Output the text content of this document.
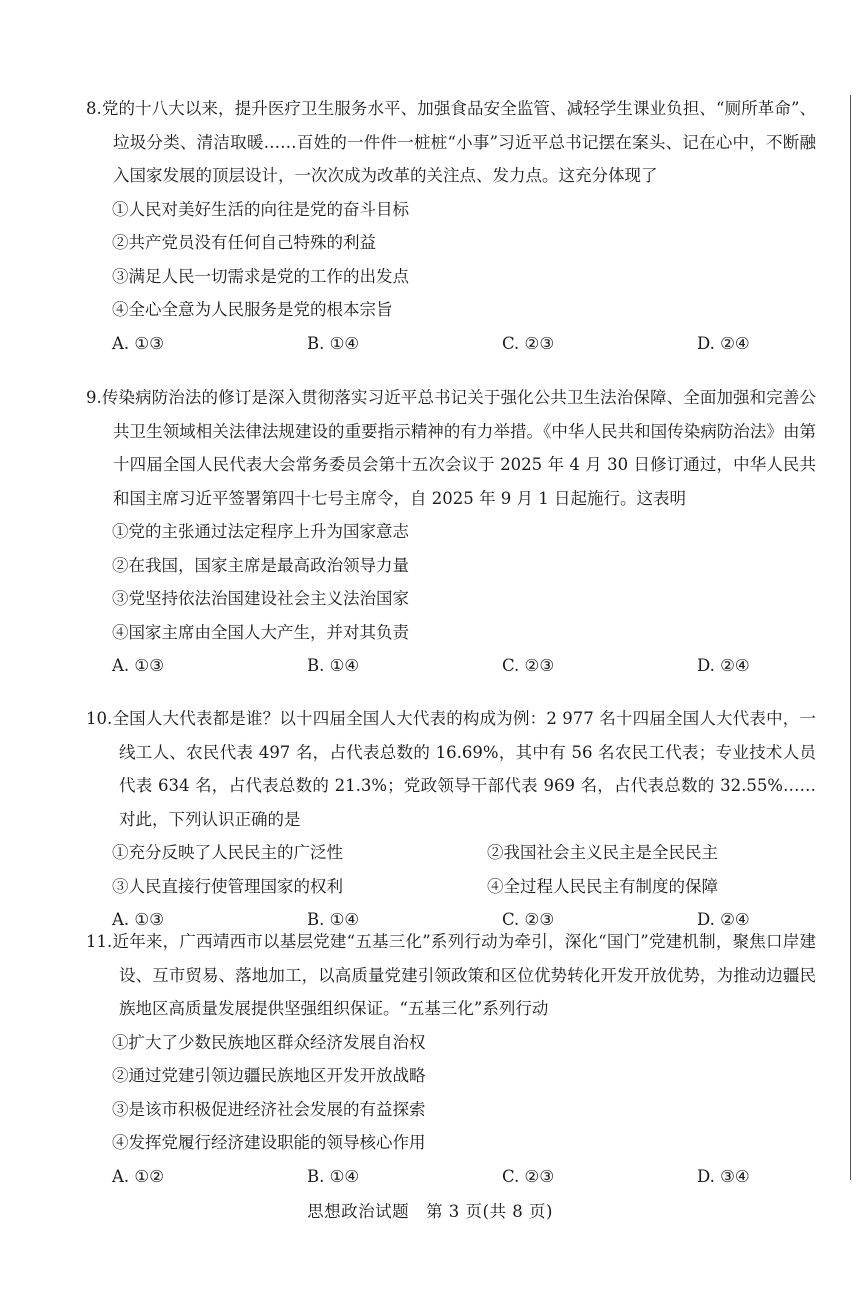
8.党的十八大以来，提升医疗卫生服务水平、加强食品安全监管、减轻学生课业负担、“厕所革命”、垃圾分类、清洁取暖……百姓的一件件一桩桩“小事”习近平总书记摆在案头、记在心中，不断融入国家发展的顶层设计，一次次成为改革的关注点、发力点。这充分体现了

①人民对美好生活的向往是党的奋斗目标

②共产党员没有任何自己特殊的利益

③满足人民一切需求是党的工作的出发点

④全心全意为人民服务是党的根本宗旨

A. ①③	B. ①④	C. ②③	D. ②④

9.传染病防治法的修订是深入贯彻落实习近平总书记关于强化公共卫生法治保障、全面加强和完善公共卫生领域相关法律法规建设的重要指示精神的有力举措。《中华人民共和国传染病防治法》由第十四届全国人民代表大会常务委员会第十五次会议于 2025 年 4 月 30 日修订通过，中华人民共和国主席习近平签署第四十七号主席令，自 2025 年 9 月 1 日起施行。这表明

①党的主张通过法定程序上升为国家意志

②在我国，国家主席是最高政治领导力量

③党坚持依法治国建设社会主义法治国家

④国家主席由全国人大产生，并对其负责

A. ①③	B. ①④	C. ②③	D. ②④

10.全国人大代表都是谁？以十四届全国人大代表的构成为例：2 977 名十四届全国人大代表中，一线工人、农民代表 497 名，占代表总数的 16.69%，其中有 56 名农民工代表；专业技术人员代表 634 名，占代表总数的 21.3%；党政领导干部代表 969 名，占代表总数的 32.55%……对此，下列认识正确的是

①充分反映了人民民主的广泛性	②我国社会主义民主是全民民主
③人民直接行使管理国家的权利	④全过程人民民主有制度的保障
A. ①③	B. ①④	C. ②③	D. ②④

11.近年来，广西靖西市以基层党建“五基三化”系列行动为牵引，深化“国门”党建机制，聚焦口岸建设、互市贸易、落地加工，以高质量党建引领政策和区位优势转化开发开放优势，为推动边疆民族地区高质量发展提供坚强组织保证。“五基三化”系列行动

①扩大了少数民族地区群众经济发展自治权

②通过党建引领边疆民族地区开发开放战略

③是该市积极促进经济社会发展的有益探索

④发挥党履行经济建设职能的领导核心作用

A. ①②	B. ①④	C. ②③	D. ③④
思想政治试题　第 3 页(共 8 页)
